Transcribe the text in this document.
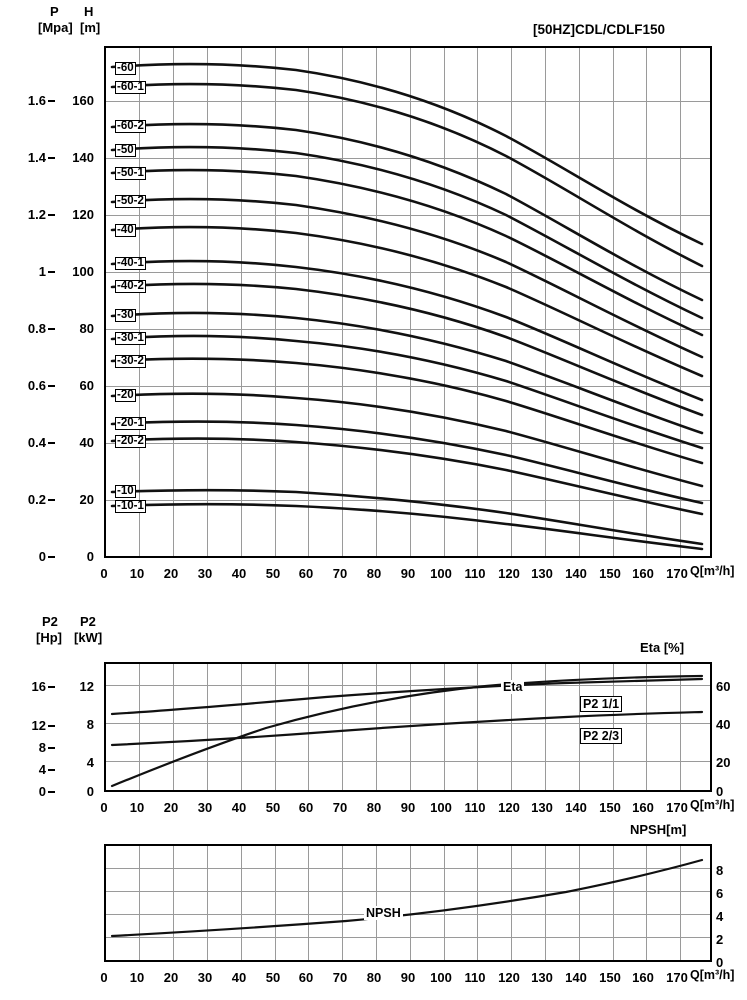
[50HZ]CDL/CDLF150
P
[Mpa]
H
[m]
0
0.2
0.4
0.6
0.8
1
1.2
1.4
1.6
0
20
40
60
80
100
120
140
160
-60
-60-1
-60-2
-50
-50-1
-50-2
-40
-40-1
-40-2
-30
-30-1
-30-2
-20
-20-1
-20-2
-10
-10-1
0	10 20 30 40 50 60 70 80 90 100 110 120 130 140 150 160 170 Q[m³/h]
P2
[Hp]
P2
[kW]
Eta [%]
0
4
8
12
16
0
4
8
12
0
20
40
60
Eta
P2 1/1
P2 2/3
0	10 20 30 40 50 60 70 80 90 100 110 120 130 140 150 160 170 Q[m³/h]
NPSH[m]
0
2
4
6
8
NPSH
0	10 20 30 40 50 60 70 80 90 100 110 120 130 140 150 160 170 Q[m³/h]
